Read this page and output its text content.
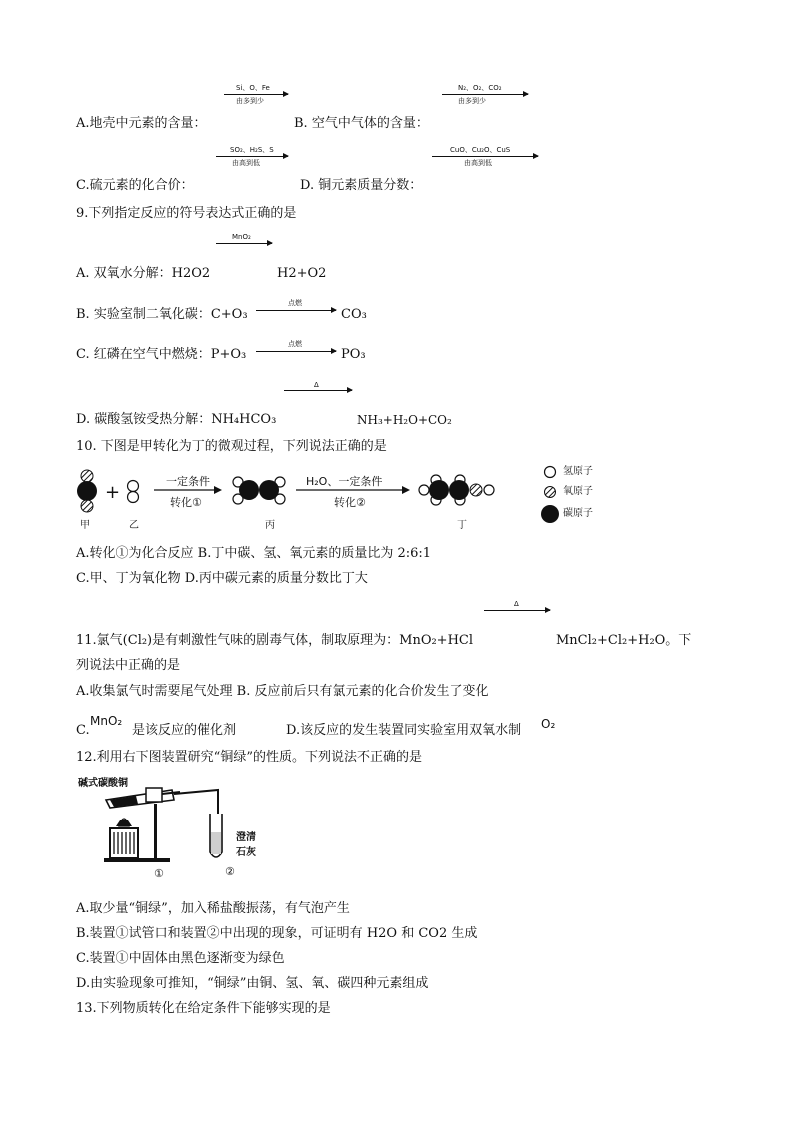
Si、O、Fe
由多到少
N₂、O₂、CO₂
由多到少
A.地壳中元素的含量：	B. 空气中气体的含量：
SO₂、H₂S、S
由高到低
CuO、Cu₂O、CuS
由高到低
C.硫元素的化合价：	D. 铜元素质量分数：
9.下列指定反应的符号表达式正确的是
MnO₂
A. 双氧水分解：H2O2	H2+O2
B. 实验室制二氧化碳：C+O₃
点燃
CO₃
C. 红磷在空气中燃烧：P+O₃
点燃
PO₃
Δ
D. 碳酸氢铵受热分解：NH₄HCO₃	NH₃+H₂O+CO₂
10. 下图是甲转化为丁的微观过程，下列说法正确的是
+
一定条件
转化①
H₂O、一定条件
转化②
甲	乙	丙	丁
氢原子
氧原子
碳原子
A.转化①为化合反应 B.丁中碳、氢、氧元素的质量比为 2:6:1
C.甲、丁为氧化物 D.丙中碳元素的质量分数比丁大
Δ
11.氯气(Cl₂)是有刺激性气味的剧毒气体，制取原理为：MnO₂+HCl	MnCl₂+Cl₂+H₂O。下
列说法中正确的是
A.收集氯气时需要尾气处理 B. 反应前后只有氯元素的化合价发生了变化
C.
MnO₂
是该反应的催化剂	D.该反应的发生装置同实验室用双氧水制 O₂
12.利用右下图装置研究“铜绿”的性质。下列说法不正确的是
碱式碳酸铜
澄清
石灰
①	②
A.取少量“铜绿”，加入稀盐酸振荡，有气泡产生
B.装置①试管口和装置②中出现的现象，可证明有 H2O 和 CO2 生成
C.装置①中固体由黑色逐渐变为绿色
D.由实验现象可推知，“铜绿”由铜、氢、氧、碳四种元素组成
13.下列物质转化在给定条件下能够实现的是
